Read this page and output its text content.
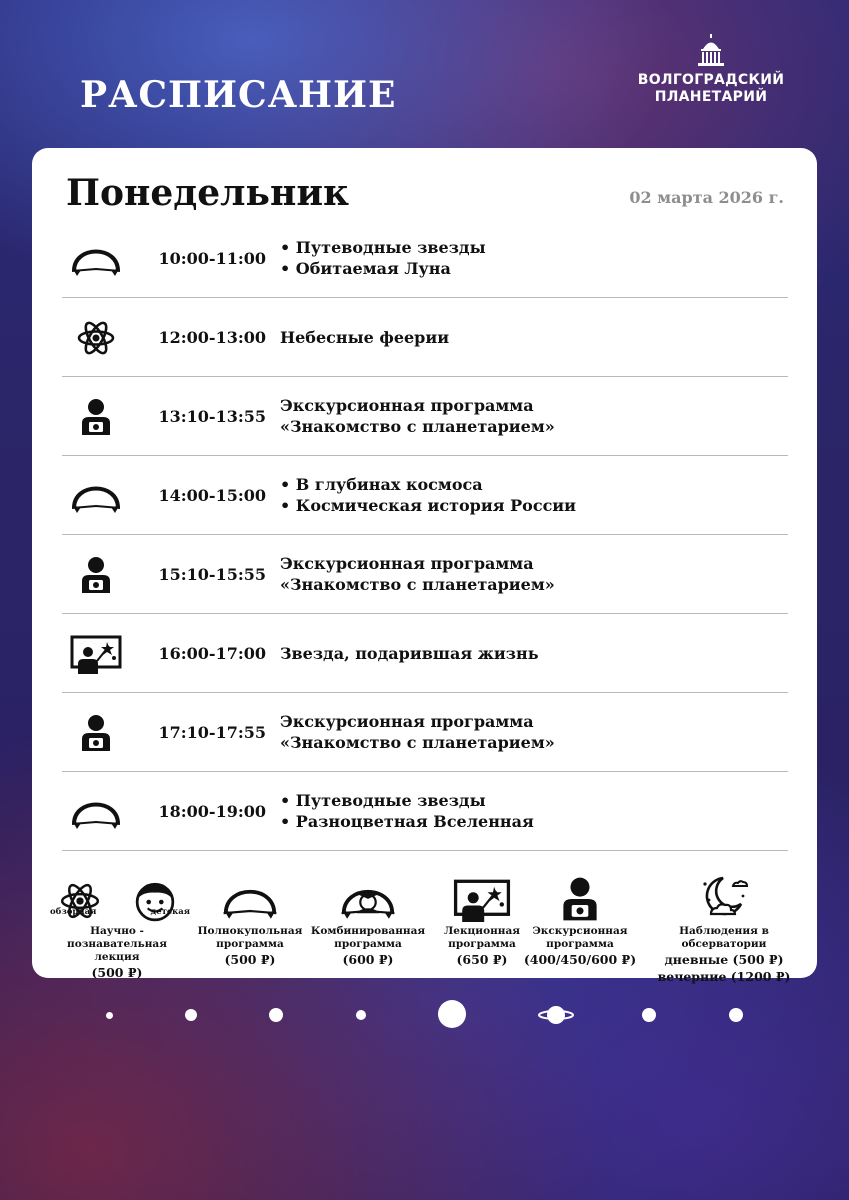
РАСПИСАНИЕ	ВОЛГОГРАДСКИЙ
ПЛАНЕТАРИЙ
Понедельник	02 марта 2026 г.
10:00-11:00
• Путеводные звезды
• Обитаемая Луна
12:00-13:00 Небесные феерии
13:10-13:55
Экскурсионная программа
«Знакомство с планетарием»
14:00-15:00
• В глубинах космоса
• Космическая история России
15:10-15:55
Экскурсионная программа
«Знакомство с планетарием»
16:00-17:00 Звезда, подарившая жизнь
17:10-17:55
Экскурсионная программа
«Знакомство с планетарием»
18:00-19:00
• Путеводные звезды
• Разноцветная Вселенная
обзорная	детская
Научно - познавательная
лекция
(500 ₽)
Полнокупольная
программа
(500 ₽)
Комбинированная
программа
(600 ₽)
Лекционная
программа
(650 ₽)
Экскурсионная
программа
(400/450/600 ₽)
Наблюдения в обсерватории
дневные (500 ₽)
вечерние (1200 ₽)
